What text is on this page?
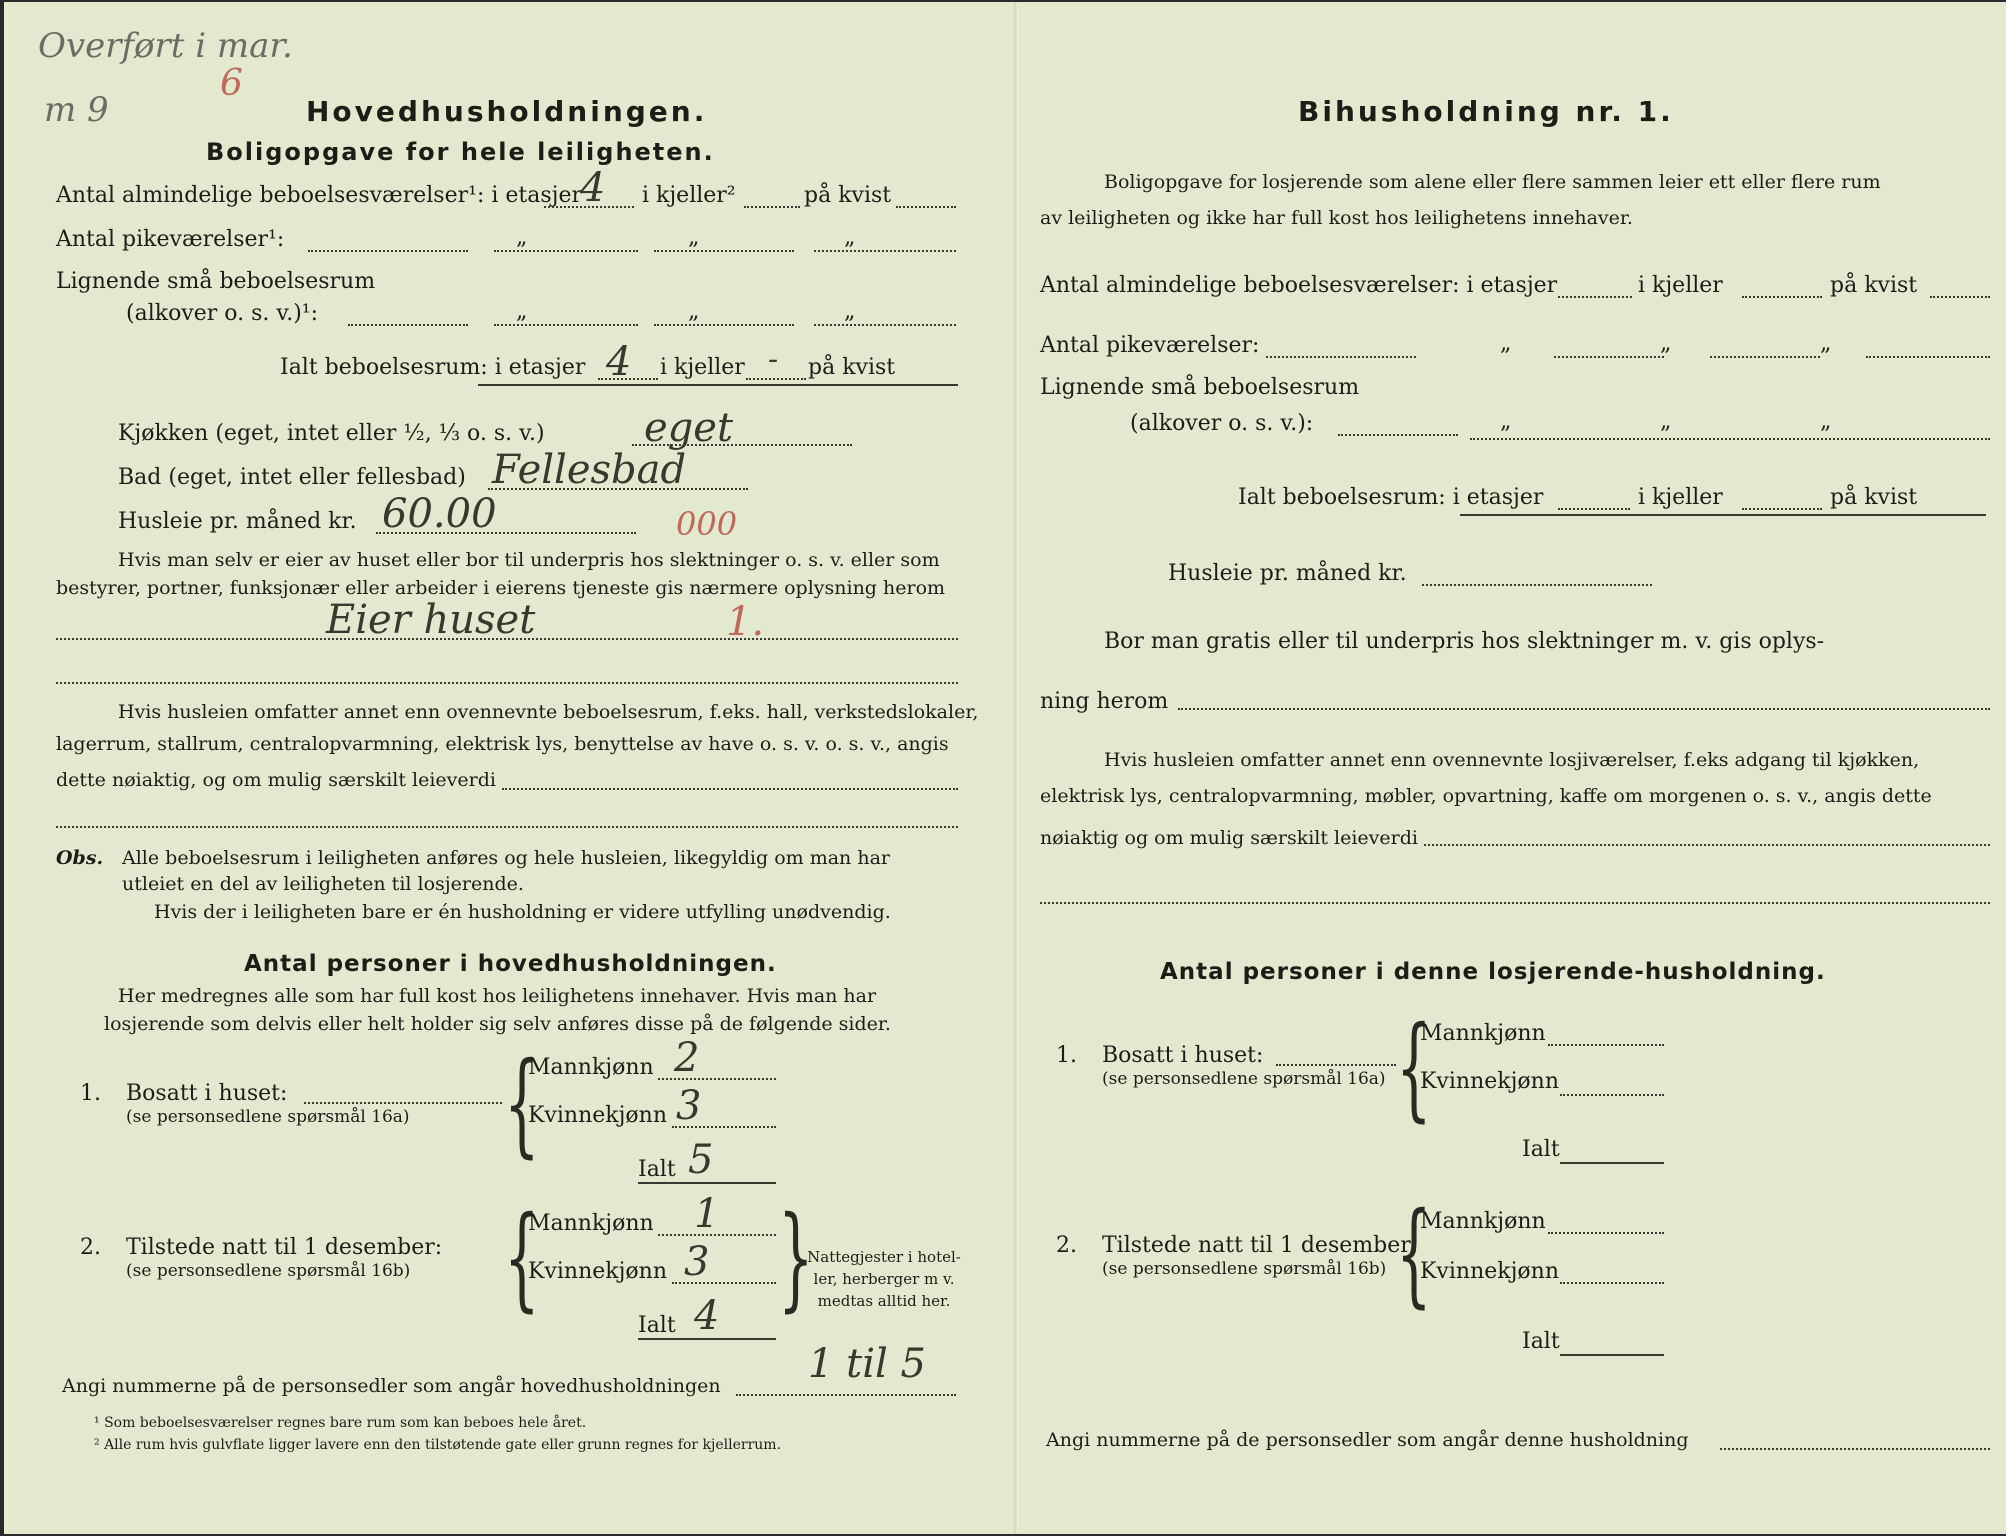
Overført i mar.
m 9
6
Hovedhusholdningen.
Boligopgave for hele leiligheten.
Antal almindelige beboelsesværelser¹: i etasjer
4 i kjeller²	på kvist
Antal pikeværelser¹:	„	„	„
Lignende små beboelsesrum
(alkover o. s. v.)¹:	„	„	„
Ialt beboelsesrum: i etasjer 4 i kjeller - på kvist
Kjøkken (eget, intet eller ½, ⅓ o. s. v.) eget
Bad (eget, intet eller fellesbad) Fellesbad
Husleie pr. måned kr. 60.00	000
Hvis man selv er eier av huset eller bor til underpris hos slektninger o. s. v. eller som
bestyrer, portner, funksjonær eller arbeider i eierens tjeneste gis nærmere oplysning herom
Eier huset	1.
Hvis husleien omfatter annet enn ovennevnte beboelsesrum, f.eks. hall, verkstedslokaler,
lagerrum, stallrum, centralopvarmning, elektrisk lys, benyttelse av have o. s. v. o. s. v., angis
dette nøiaktig, og om mulig særskilt leieverdi
Obs. Alle beboelsesrum i leiligheten anføres og hele husleien, likegyldig om man har
utleiet en del av leiligheten til losjerende.
Hvis der i leiligheten bare er én husholdning er videre utfylling unødvendig.
Antal personer i hovedhusholdningen.
Her medregnes alle som har full kost hos leilighetens innehaver. Hvis man har
losjerende som delvis eller helt holder sig selv anføres disse på de følgende sider.
1. Bosatt i huset:
(se personsedlene spørsmål 16a) {
Mannkjønn 2
Kvinnekjønn 3
Ialt 5
2. Tilstede natt til 1 desember:
(se personsedlene spørsmål 16b) {
Mannkjønn 1
Kvinnekjønn 3
Ialt 4 }
Nattegjester i hotel-
ler, herberger m v.
medtas alltid her.
Angi nummerne på de personsedler som angår hovedhusholdningen 1 til 5
¹ Som beboelsesværelser regnes bare rum som kan beboes hele året.
² Alle rum hvis gulvflate ligger lavere enn den tilstøtende gate eller grunn regnes for kjellerrum.
Bihusholdning nr. 1.
Boligopgave for losjerende som alene eller flere sammen leier ett eller flere rum
av leiligheten og ikke har full kost hos leilighetens innehaver.
Antal almindelige beboelsesværelser: i etasjer	i kjeller	på kvist
Antal pikeværelser:	„	„	„
Lignende små beboelsesrum
(alkover o. s. v.):	„	„	„
Ialt beboelsesrum: i etasjer	i kjeller	på kvist
Husleie pr. måned kr.
Bor man gratis eller til underpris hos slektninger m. v. gis oplys-
ning herom
Hvis husleien omfatter annet enn ovennevnte losjiværelser, f.eks adgang til kjøkken,
elektrisk lys, centralopvarmning, møbler, opvartning, kaffe om morgenen o. s. v., angis dette
nøiaktig og om mulig særskilt leieverdi
Antal personer i denne losjerende-husholdning.
1. Bosatt i huset:
(se personsedlene spørsmål 16a) {
Mannkjønn
Kvinnekjønn
Ialt
2. Tilstede natt til 1 desember:
(se personsedlene spørsmål 16b) {
Mannkjønn
Kvinnekjønn
Ialt
Angi nummerne på de personsedler som angår denne husholdning
